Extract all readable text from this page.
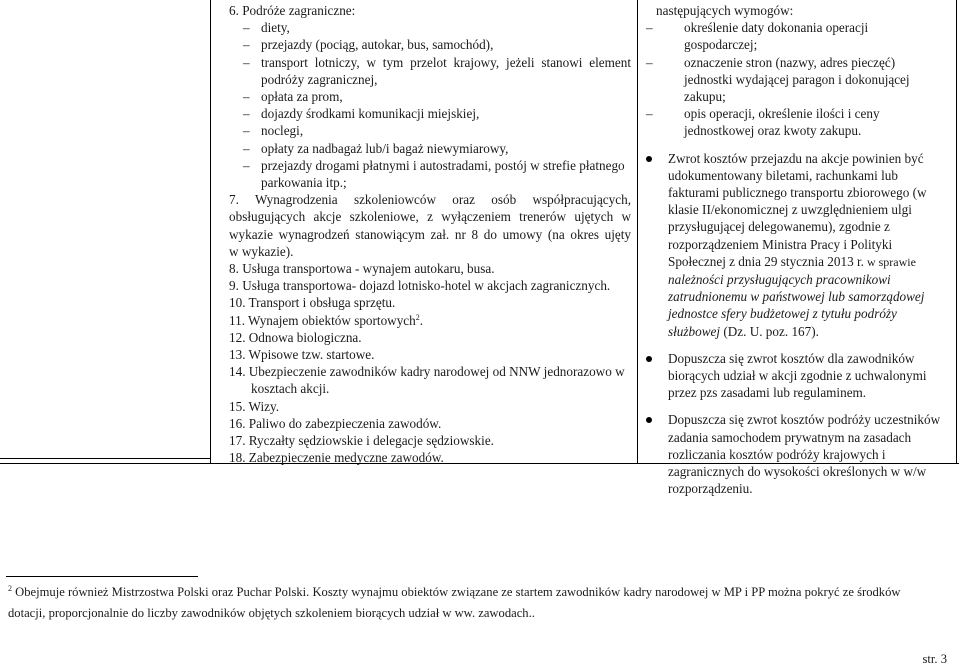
6. Podróże zagraniczne:
– diety,
– przejazdy (pociąg, autokar, bus, samochód),
– transport lotniczy, w tym przelot krajowy, jeżeli stanowi element
podróży zagranicznej,
– opłata za prom,
– dojazdy środkami komunikacji miejskiej,
– noclegi,
– opłaty za nadbagaż lub/i bagaż niewymiarowy,
– przejazdy drogami płatnymi i autostradami, postój w strefie płatnego
parkowania itp.;
7. Wynagrodzenia szkoleniowców oraz osób współpracujących,
obsługujących akcje szkoleniowe, z wyłączeniem trenerów ujętych w
wykazie wynagrodzeń stanowiącym zał. nr 8 do umowy (na okres ujęty
w wykazie).
8. Usługa transportowa - wynajem autokaru, busa.
9. Usługa transportowa- dojazd lotnisko-hotel w akcjach zagranicznych.
10. Transport i obsługa sprzętu.
11. Wynajem obiektów sportowych$^2$.
12. Odnowa biologiczna.
13. Wpisowe tzw. startowe.
14. Ubezpieczenie zawodników kadry narodowej od NNW jednorazowo w
kosztach akcji.
15. Wizy.
16. Paliwo do zabezpieczenia zawodów.
17. Ryczałty sędziowskie i delegacje sędziowskie.
18. Zabezpieczenie medyczne zawodów.
następujących wymogów:
– określenie daty dokonania operacji
gospodarczej;
– oznaczenie stron (nazwy, adres pieczęć)
jednostki wydającej paragon i dokonującej
zakupu;
– opis operacji, określenie ilości i ceny
jednostkowej oraz kwoty zakupu.
Zwrot kosztów przejazdu na akcje powinien być
udokumentowany biletami, rachunkami lub
fakturami publicznego transportu zbiorowego (w
klasie II/ekonomicznej z uwzględnieniem ulgi
przysługującej delegowanemu), zgodnie z
rozporządzeniem Ministra Pracy i Polityki
Społecznej z dnia 29 stycznia 2013 r. w sprawie
należności przysługujących pracownikowi
zatrudnionemu w państwowej lub samorządowej
jednostce sfery budżetowej z tytułu podróży
służbowej (Dz. U. poz. 167).
Dopuszcza się zwrot kosztów dla zawodników
biorących udział w akcji zgodnie z uchwalonymi
przez pzs zasadami lub regulaminem.
Dopuszcza się zwrot kosztów podróży uczestników
zadania samochodem prywatnym na zasadach
rozliczania kosztów podróży krajowych i
zagranicznych do wysokości określonych w w/w
rozporządzeniu.
$^2$ Obejmuje również Mistrzostwa Polski oraz Puchar Polski. Koszty wynajmu obiektów związane ze startem zawodników kadry narodowej w MP i PP można pokryć ze środków
dotacji, proporcjonalnie do liczby zawodników objętych szkoleniem biorących udział w ww. zawodach..
str. 3
